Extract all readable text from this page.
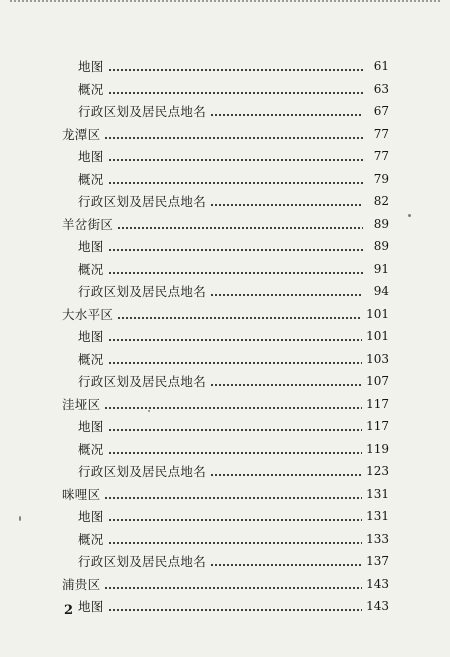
地图	61
概况	63
行政区划及居民点地名	67
龙潭区	77
地图	77
概况	79
行政区划及居民点地名	82
羊岔街区	89
地图	89
概况	91
行政区划及居民点地名	94
大水平区	101
地图	101
概况	103
行政区划及居民点地名	107
洼垭区	117
地图	117
概况	119
行政区划及居民点地名	123
咪哩区	131
地图	131
概况	133
行政区划及居民点地名	137
浦贵区	143
地图	143
2
